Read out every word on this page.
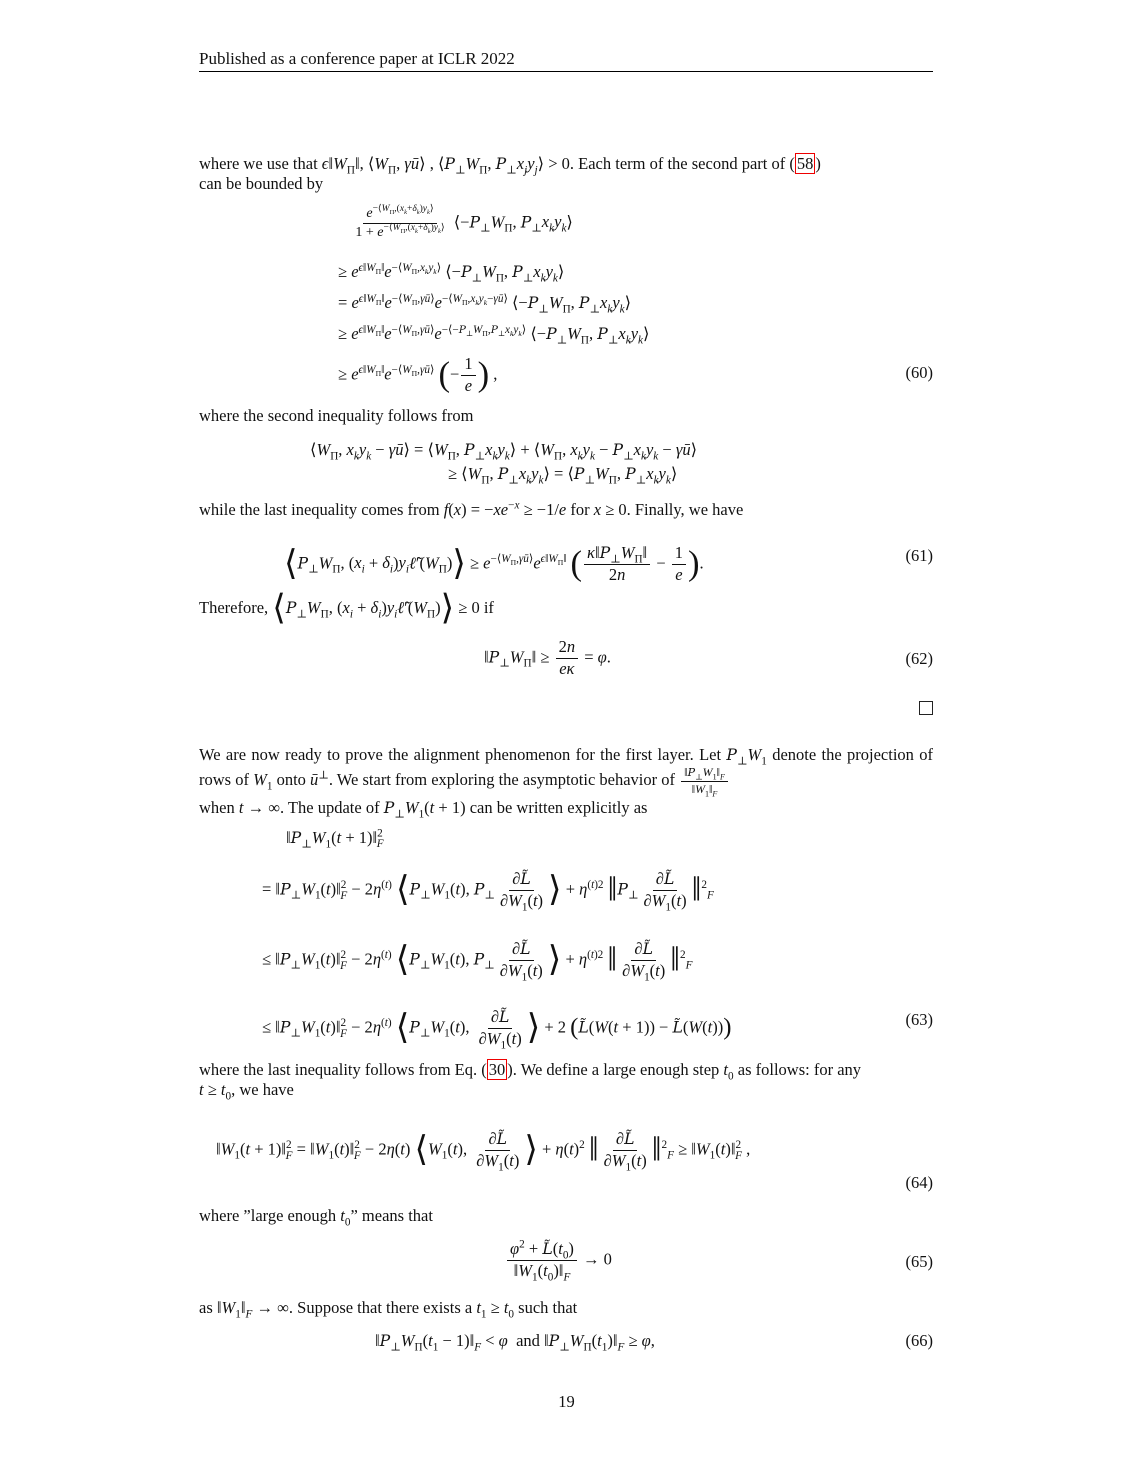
Published as a conference paper at ICLR 2022
where we use that $\epsilon‖W_\Pi‖$, $⟨W_\Pi$, γū⟩ , $⟨P_\perp W_\Pi$, $P_\perp x_jy_j⟩ > 0$. Each term of the second part of ( 58 )
can be bounded by

$\frac{e^{-⟨W_\Pi,(x_k+\delta_k)y_k⟩}}{1 + e^{-⟨W_\Pi,(x_k+\delta_k)y_k⟩}}$ $⟨-P_\perp W_\Pi$, $P_\perp x_ky_k⟩$
≥ $e^{\epsilon‖W_\Pi‖}e^{-⟨W_\Pi,x_ky_k⟩}$ $⟨-P_\perp W_\Pi$, $P_\perp x_ky_k⟩$
= $e^{\epsilon‖W_\Pi‖}e^{-⟨W_\Pi,\gamma ū⟩}e^{-⟨W_\Pi,x_ky_k-\gamma ū⟩}$ $⟨-P_\perp W_\Pi$, $P_\perp x_ky_k⟩$
≥ $e^{\epsilon‖W_\Pi‖}e^{-⟨W_\Pi,\gamma ū⟩}e^{-⟨-P_\perp W_\Pi,P_\perp x_ky_k⟩}$ $⟨-P_\perp W_\Pi$, $P_\perp x_ky_k⟩$
≥ $e^{\epsilon‖W_\Pi‖}e^{-⟨W_\Pi,\gamma ū⟩}$ (− $\frac{1}{e}$ ) ,	(60)
where the second inequality follows from
$⟨W_\Pi$, $x_ky_k$ − γū⟩ = $⟨W_\Pi$, $P_\perp x_ky_k⟩$ + $⟨W_\Pi$, $x_ky_k - P_\perp x_ky_k$ − γū⟩
≥ $⟨W_\Pi$, $P_\perp x_ky_k⟩$ = $⟨P_\perp W_\Pi$, $P_\perp x_ky_k⟩$
while the last inequality comes from $f(x) = -xe^{-x} \ge -1/e$ for x ≥ 0. Finally, we have
$⟨P_\perp W_\Pi$, ($x_i$ + $\delta_i)y_i\ell̃'(W_\Pi)⟩ \ge e^{-⟨W_\Pi,\gamma ū⟩}e^{\epsilon‖W_\Pi‖}$ ( $\frac{\kappa‖P_\perp W_\Pi‖}{2n} - \frac{1}{e}$ ).	(61)
Therefore, $⟨P_\perp W_\Pi$, ($x_i$ + $\delta_i)y_i\ell̃'(W_\Pi)⟩ \ge 0$ if
$‖P_\perp W_\Pi‖ \ge \frac{2n}{e\kappa} = \varphi$.	(62)
We are now ready to prove the alignment phenomenon for the first layer. Let $P_\perp W_1$ denote the projection of rows of $W_1$ onto ū⊥. We start from exploring the asymptotic behavior of $\frac{‖P_\perp W_1‖_F}{‖W_1‖_F}$

when t → ∞. The update of $P_\perp W_1(t + 1)$ can be written explicitly as
$‖P_\perp W_1(t$ + 1)‖$^2_F$
= $‖P_\perp W_1(t)‖^2_F - 2\eta^{(t)}$ $⟨P_\perp W_1(t)$, $P_\perp \frac{\partial L̃}{\partial W_1(t)}$ ⟩ + $\eta^{(t)2}$ $‖P_\perp \frac{\partial L̃}{\partial W_1(t)}$ ‖$^2_F$
≤ $‖P_\perp W_1(t)‖^2_F - 2\eta^{(t)}$ $⟨P_\perp W_1(t)$, $P_\perp \frac{\partial L̃}{\partial W_1(t)}$ ⟩ + $\eta^{(t)2}$ ‖ $\frac{\partial L̃}{\partial W_1(t)}$ ‖$^2_F$
≤ $‖P_\perp W_1(t)‖^2_F - 2\eta^{(t)}$ $⟨P_\perp W_1(t)$, $\frac{\partial L̃}{\partial W_1(t)}$ ⟩ + 2 (L̃(W(t + 1)) − L̃(W(t)))	(63)
where the last inequality follows from Eq. ( 30 ). We define a large enough step $t_0$ as follows: for any
$t \ge t_0$, we have
$‖W_1(t$ + 1)‖$^2_F$ = $‖W_1(t)‖^2_F - 2\eta(t)$ $⟨W_1(t)$, $\frac{\partial L̃}{\partial W_1(t)}$ ⟩ + $\eta(t)^2$ ‖ $\frac{\partial L̃}{\partial W_1(t)}$ ‖$^2_F$ ≥ $‖W_1(t)‖^2_F$ ,
(64)
where ”large enough $t_0$” means that
$\frac{\varphi^2 + L̃(t_0)}{‖W_1(t_0)‖_F} \to 0$	(65)
as $‖W_1‖_F$ → ∞. Suppose that there exists a $t_1 \ge t_0$ such that
$‖P_\perp W_\Pi(t_1$ − $1)‖_F < \varphi$  and $‖P_\perp W_\Pi(t_1)‖_F \ge \varphi$,	(66)
19
